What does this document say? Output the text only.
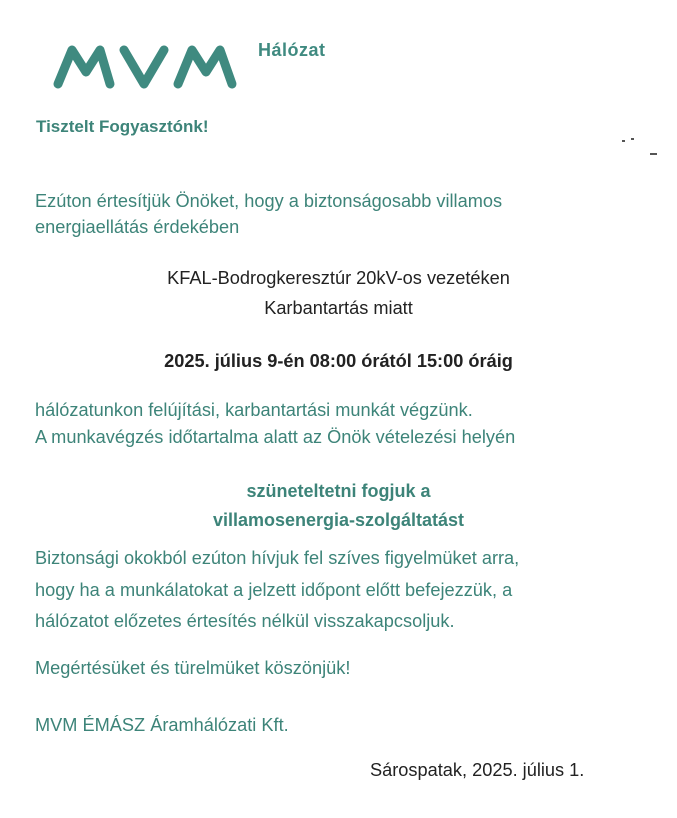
Hálózat
Tisztelt Fogyasztónk!
Ezúton értesítjük Önöket, hogy a biztonságosabb villamos
energiaellátás érdekében
KFAL-Bodrogkeresztúr 20kV-os vezetéken
Karbantartás miatt
2025. július 9-én 08:00 órától 15:00 óráig
hálózatunkon felújítási, karbantartási munkát végzünk.
A munkavégzés időtartalma alatt az Önök vételezési helyén
szüneteltetni fogjuk a
villamosenergia-szolgáltatást
Biztonsági okokból ezúton hívjuk fel szíves figyelmüket arra,
hogy ha a munkálatokat a jelzett időpont előtt befejezzük, a
hálózatot előzetes értesítés nélkül visszakapcsoljuk.
Megértésüket és türelmüket köszönjük!
MVM ÉMÁSZ Áramhálózati Kft.
Sárospatak, 2025. július 1.
